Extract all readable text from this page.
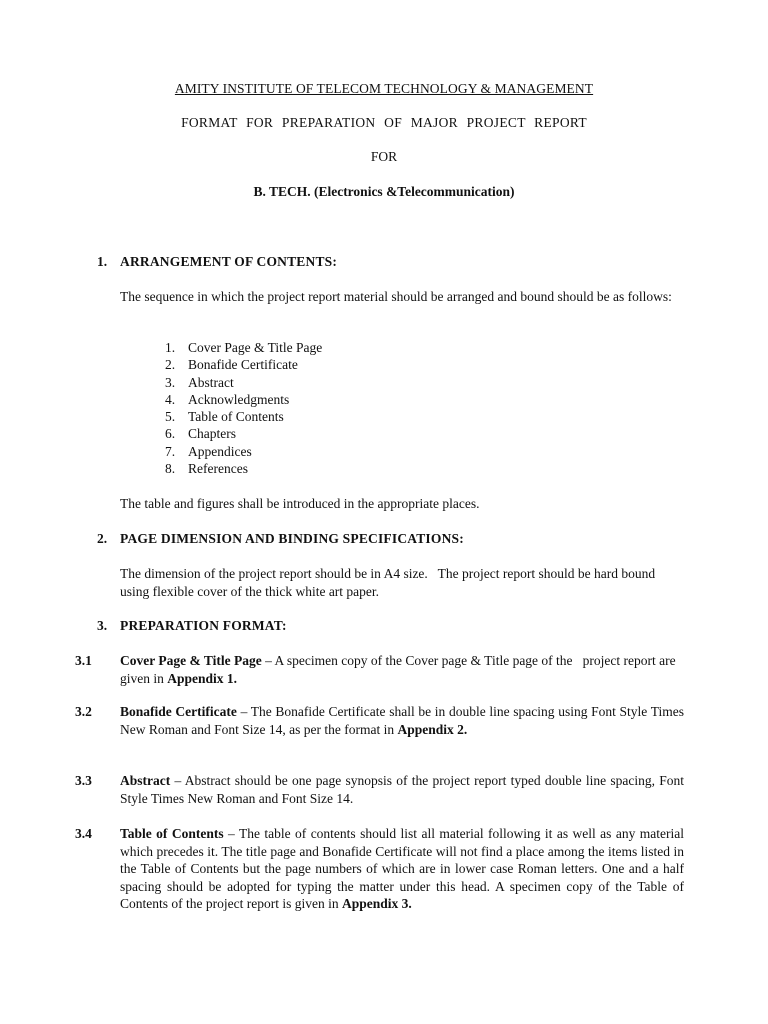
AMITY INSTITUTE OF TELECOM TECHNOLOGY & MANAGEMENT

FORMAT FOR PREPARATION OF MAJOR PROJECT REPORT

FOR

B. TECH. (Electronics &Telecommunication)

1. ARRANGEMENT OF CONTENTS:

The sequence in which the project report material should be arranged and bound should be as follows:

1. Cover Page & Title Page
2. Bonafide Certificate
3. Abstract
4. Acknowledgments
5. Table of Contents
6. Chapters
7. Appendices
8. References

The table and figures shall be introduced in the appropriate places.

2. PAGE DIMENSION AND BINDING SPECIFICATIONS:

The dimension of the project report should be in A4 size.   The project report should be hard bound using flexible cover of the thick white art paper.

3. PREPARATION FORMAT:

3.1 Cover Page & Title Page – A specimen copy of the Cover page & Title page of the   project report are given in Appendix 1.

3.2 Bonafide Certificate – The Bonafide Certificate shall be in double line spacing using Font Style Times New Roman and Font Size 14, as per the format in Appendix 2.

3.3 Abstract – Abstract should be one page synopsis of the project report typed double line spacing, Font Style Times New Roman and Font Size 14.

3.4 Table of Contents – The table of contents should list all material following it as well as any material which precedes it. The title page and Bonafide Certificate will not find a place among the items listed in the Table of Contents but the page numbers of which are in lower case Roman letters. One and a half spacing should be adopted for typing the matter under this head. A specimen copy of the Table of Contents of the project report is given in Appendix 3.
